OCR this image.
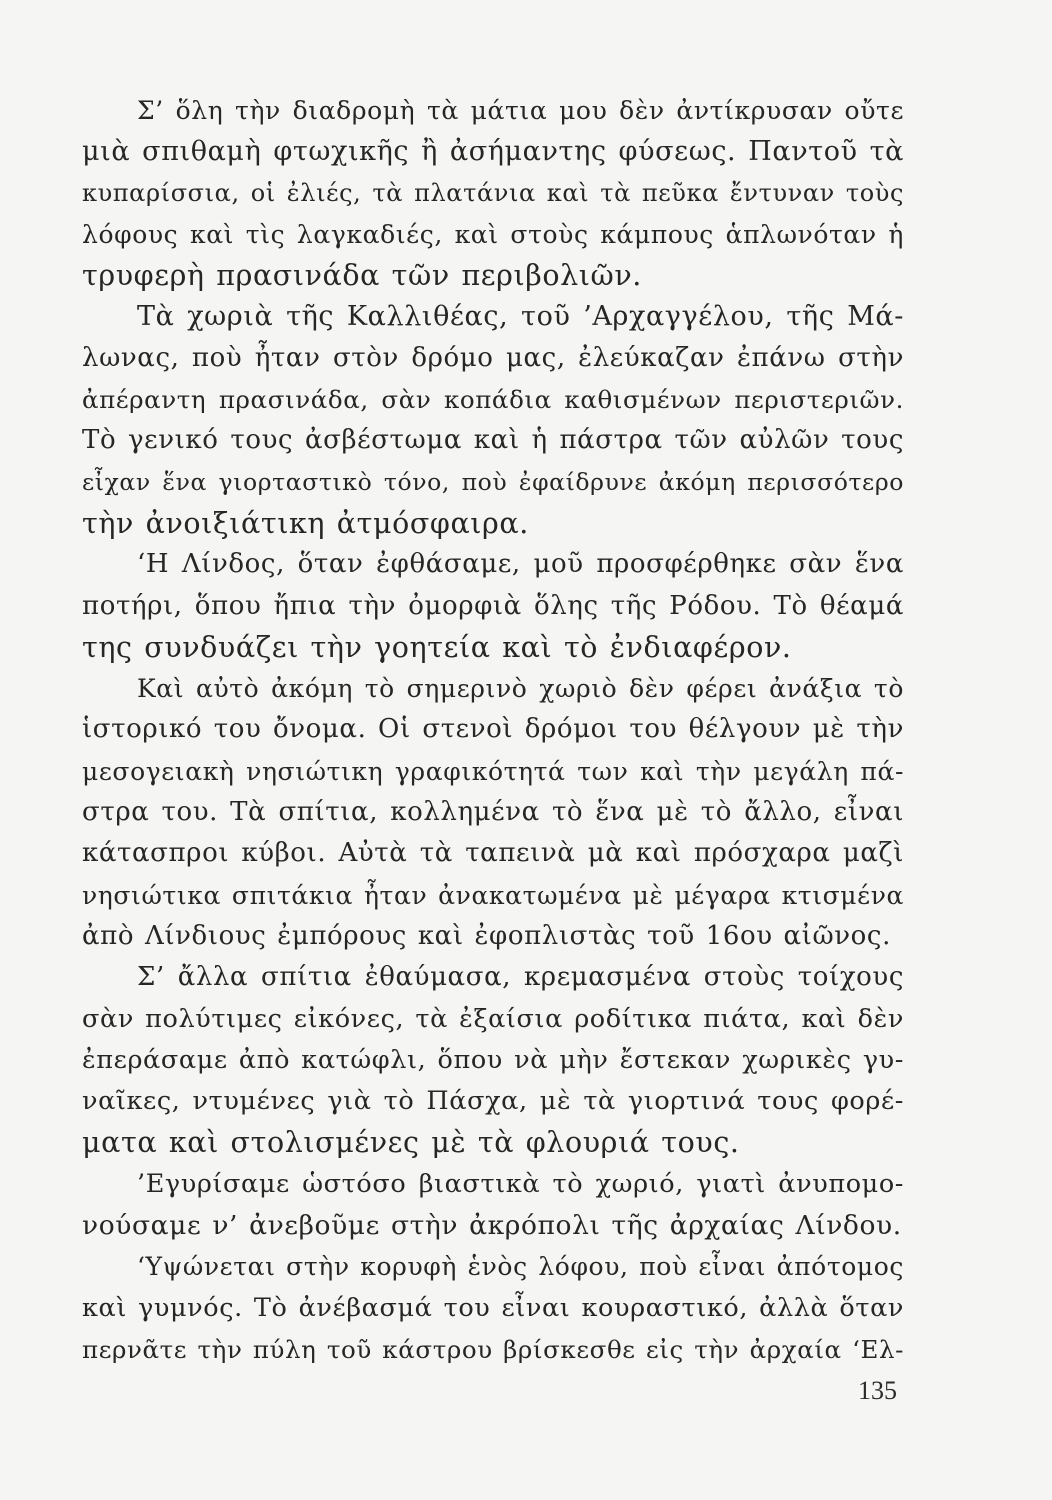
Σ’ ὅλη τὴν διαδρομὴ τὰ μάτια μου δὲν ἀντίκρυσαν οὔτε
μιὰ σπιθαμὴ φτωχικῆς ἢ ἀσήμαντης φύσεως. Παντοῦ τὰ
κυπαρίσσια, οἱ ἐλιές, τὰ πλατάνια καὶ τὰ πεῦκα ἔντυναν τοὺς
λόφους καὶ τὶς λαγκαδιές, καὶ στοὺς κάμπους ἁπλωνόταν ἡ
τρυφερὴ πρασινάδα τῶν περιβολιῶν.
Τὰ χωριὰ τῆς Καλλιθέας, τοῦ ’Αρχαγγέλου, τῆς Μά-
λωνας, ποὺ ἦταν στὸν δρόμο μας, ἐλεύκαζαν ἐπάνω στὴν
ἀπέραντη πρασινάδα, σὰν κοπάδια καθισμένων περιστεριῶν.
Τὸ γενικό τους ἀσβέστωμα καὶ ἡ πάστρα τῶν αὐλῶν τους
εἶχαν ἕνα γιορταστικὸ τόνο, ποὺ ἐφαίδρυνε ἀκόμη περισσότερο
τὴν ἀνοιξιάτικη ἀτμόσφαιρα.
‘Η Λίνδος, ὅταν ἐφθάσαμε, μοῦ προσφέρθηκε σὰν ἕνα
ποτήρι, ὅπου ἤπια τὴν ὀμορφιὰ ὅλης τῆς Ρόδου. Τὸ θέαμά
της συνδυάζει τὴν γοητεία καὶ τὸ ἐνδιαφέρον.
Καὶ αὐτὸ ἀκόμη τὸ σημερινὸ χωριὸ δὲν φέρει ἀνάξια τὸ
ἱστορικό του ὄνομα. Οἱ στενοὶ δρόμοι του θέλγουν μὲ τὴν
μεσογειακὴ νησιώτικη γραφικότητά των καὶ τὴν μεγάλη πά-
στρα του. Τὰ σπίτια, κολλημένα τὸ ἕνα μὲ τὸ ἄλλο, εἶναι
κάτασπροι κύβοι. Αὐτὰ τὰ ταπεινὰ μὰ καὶ πρόσχαρα μαζὶ
νησιώτικα σπιτάκια ἦταν ἀνακατωμένα μὲ μέγαρα κτισμένα
ἀπὸ Λίνδιους ἐμπόρους καὶ ἐφοπλιστὰς τοῦ 16ου αἰῶνος.
Σ’ ἄλλα σπίτια ἐθαύμασα, κρεμασμένα στοὺς τοίχους
σὰν πολύτιμες εἰκόνες, τὰ ἐξαίσια ροδίτικα πιάτα, καὶ δὲν
ἐπεράσαμε ἀπὸ κατώφλι, ὅπου νὰ μὴν ἔστεκαν χωρικὲς γυ-
ναῖκες, ντυμένες γιὰ τὸ Πάσχα, μὲ τὰ γιορτινά τους φορέ-
ματα καὶ στολισμένες μὲ τὰ φλουριά τους.
’Εγυρίσαμε ὡστόσο βιαστικὰ τὸ χωριό, γιατὶ ἀνυπομο-
νούσαμε ν’ ἀνεβοῦμε στὴν ἀκρόπολι τῆς ἀρχαίας Λίνδου.
‘Υψώνεται στὴν κορυφὴ ἑνὸς λόφου, ποὺ εἶναι ἀπότομος
καὶ γυμνός. Τὸ ἀνέβασμά του εἶναι κουραστικό, ἀλλὰ ὅταν
περνᾶτε τὴν πύλη τοῦ κάστρου βρίσκεσθε εἰς τὴν ἀρχαία ‘Ελ-
135
